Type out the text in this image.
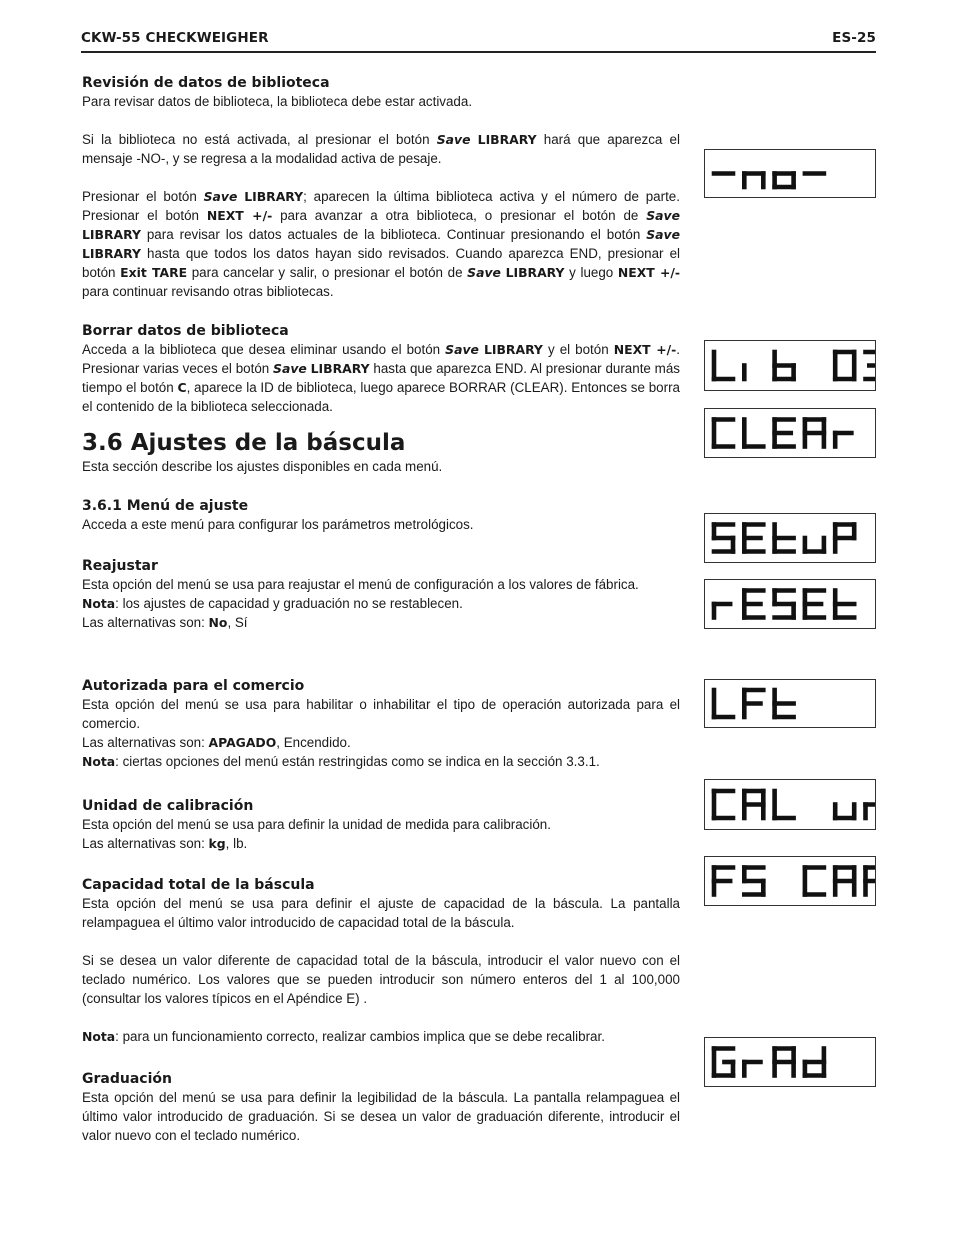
CKW-55 CHECKWEIGHER	ES-25
Revisión de datos de biblioteca
Para revisar datos de biblioteca, la biblioteca debe estar activada.
Si la biblioteca no está activada, al presionar el botón Save LIBRARY hará que aparezca el mensaje -NO-, y se regresa a la modalidad activa de pesaje.
Presionar el botón Save LIBRARY; aparecen la última biblioteca activa y el número de parte. Presionar el botón NEXT +/- para avanzar a otra biblioteca, o presionar el botón de Save LIBRARY para revisar los datos actuales de la biblioteca. Continuar presionando el botón Save LIBRARY hasta que todos los datos hayan sido revisados. Cuando aparezca END, presionar el botón Exit TARE para cancelar y salir, o presionar el botón de Save LIBRARY y luego NEXT +/- para continuar revisando otras bibliotecas.
Borrar datos de biblioteca
Acceda a la biblioteca que desea eliminar usando el botón Save LIBRARY y el botón NEXT +/-. Presionar varias veces el botón Save LIBRARY hasta que aparezca END. Al presionar durante más tiempo el botón C, aparece la ID de biblioteca, luego aparece BORRAR (CLEAR). Entonces se borra el contenido de la biblioteca seleccionada.
3.6 Ajustes de la báscula
Esta sección describe los ajustes disponibles en cada menú.
3.6.1 Menú de ajuste
Acceda a este menú para configurar los parámetros metrológicos.
Reajustar
Esta opción del menú se usa para reajustar el menú de configuración a los valores de fábrica.
Nota: los ajustes de capacidad y graduación no se restablecen.
Las alternativas son: No, Sí
Autorizada para el comercio
Esta opción del menú se usa para habilitar o inhabilitar el tipo de operación autorizada para el comercio.
Las alternativas son: APAGADO, Encendido.
Nota: ciertas opciones del menú están restringidas como se indica en la sección 3.3.1.
Unidad de calibración
Esta opción del menú se usa para definir la unidad de medida para calibración.
Las alternativas son: kg, lb.
Capacidad total de la báscula
Esta opción del menú se usa para definir el ajuste de capacidad de la báscula. La pantalla relampaguea el último valor introducido de capacidad total de la báscula.
Si se desea un valor diferente de capacidad total de la báscula, introducir el valor nuevo con el teclado numérico. Los valores que se pueden introducir son número enteros del 1 al 100,000 (consultar los valores típicos en el Apéndice E) .
Nota: para un funcionamiento correcto, realizar cambios implica que se debe recalibrar.
Graduación
Esta opción del menú se usa para definir la legibilidad de la báscula. La pantalla relampaguea el último valor introducido de graduación. Si se desea un valor de graduación diferente, introducir el valor nuevo con el teclado numérico.
